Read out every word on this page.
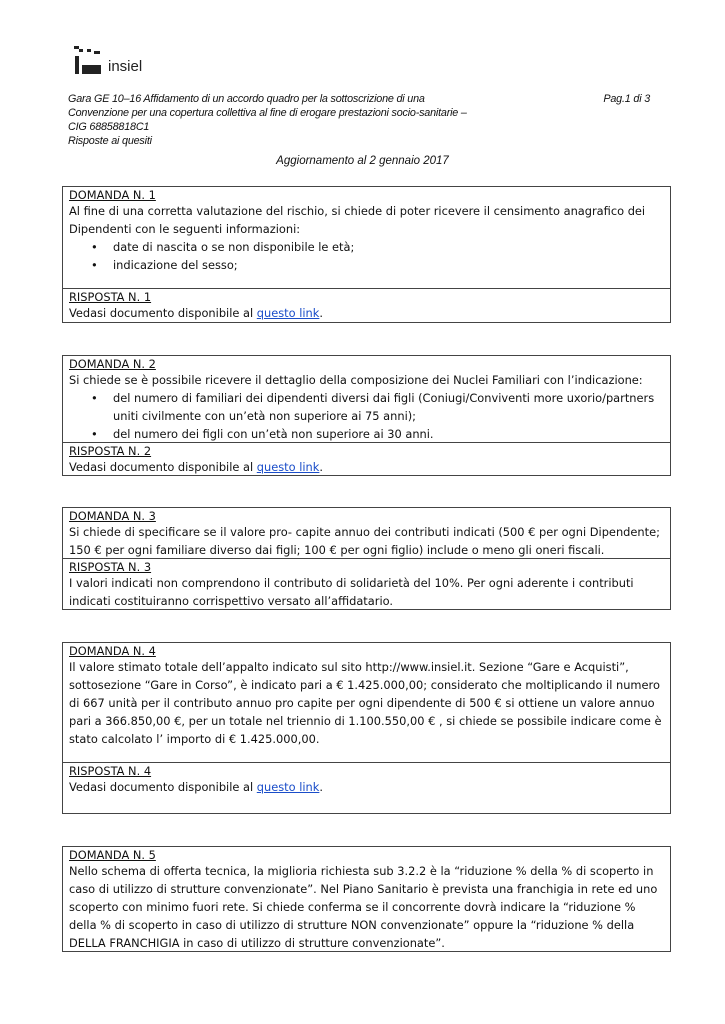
insiel
Gara GE 10–16 Affidamento di un accordo quadro per la sottoscrizione di una
Convenzione per una copertura collettiva al fine di erogare prestazioni socio-sanitarie –
CIG 68858818C1
Risposte ai quesiti
Pag.1 di 3
Aggiornamento al 2 gennaio 2017
DOMANDA N. 1
Al fine di una corretta valutazione del rischio, si chiede di poter ricevere il censimento anagrafico dei Dipendenti con le seguenti informazioni:
• date di nascita o se non disponibile le età;
• indicazione del sesso;
RISPOSTA N. 1
Vedasi documento disponibile al questo link.
DOMANDA N. 2
Si chiede se è possibile ricevere il dettaglio della composizione dei Nuclei Familiari con l’indicazione:
• del numero di familiari dei dipendenti diversi dai figli (Coniugi/Conviventi more uxorio/partners uniti civilmente con un’età non superiore ai 75 anni);
• del numero dei figli con un’età non superiore ai 30 anni.
RISPOSTA N. 2
Vedasi documento disponibile al questo link.
DOMANDA N. 3
Si chiede di specificare se il valore pro- capite annuo dei contributi indicati (500 € per ogni Dipendente; 150 € per ogni familiare diverso dai figli; 100 € per ogni figlio) include o meno gli oneri fiscali.
RISPOSTA N. 3
I valori indicati non comprendono il contributo di solidarietà del 10%. Per ogni aderente i contributi indicati costituiranno corrispettivo versato all’affidatario.
DOMANDA N. 4
Il valore stimato totale dell’appalto indicato sul sito http://www.insiel.it. Sezione “Gare e Acquisti”, sottosezione “Gare in Corso”, è indicato pari a € 1.425.000,00; considerato che moltiplicando il numero di 667 unità per il contributo annuo pro capite per ogni dipendente di 500 € si ottiene un valore annuo pari a 366.850,00 €, per un totale nel triennio di 1.100.550,00 € , si chiede se possibile indicare come è stato calcolato l’ importo di € 1.425.000,00.
RISPOSTA N. 4
Vedasi documento disponibile al questo link.
DOMANDA N. 5
Nello schema di offerta tecnica, la miglioria richiesta sub 3.2.2 è la “riduzione % della % di scoperto in caso di utilizzo di strutture convenzionate”. Nel Piano Sanitario è prevista una franchigia in rete ed uno scoperto con minimo fuori rete. Si chiede conferma se il concorrente dovrà indicare la “riduzione % della % di scoperto in caso di utilizzo di strutture NON convenzionate” oppure la “riduzione % della DELLA FRANCHIGIA in caso di utilizzo di strutture convenzionate”.
